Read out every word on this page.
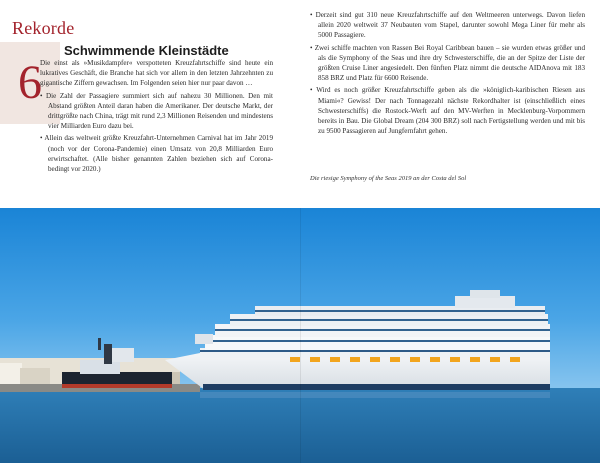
Rekorde
6
Schwimmende Kleinstädte

Die einst als »Musikdampfer« verspotteten Kreuzfahrtschiffe sind heute ein lukratives Geschäft, die Branche hat sich vor allem in den letzten Jahrzehnten zu gigantische Ziffern gewachsen. Im Folgenden seien hier nur paar davon …

• Die Zahl der Passagiere summiert sich auf nahezu 30 Millionen. Den mit Abstand größten Anteil daran haben die Amerikaner. Der deutsche Markt, der drittgrößte nach China, trägt mit rund 2,3 Millionen Reisenden und mindestens vier Milliarden Euro dazu bei.

• Allein das weltweit größte Kreuzfahrt-Unternehmen Carnival hat im Jahr 2019 (noch vor der Corona-Pandemie) einen Umsatz von 20,8 Milliarden Euro erwirtschaftet. (Alle bisher genannten Zahlen beziehen sich auf Corona-bedingt vor 2020.)

• Derzeit sind gut 310 neue Kreuzfahrtschiffe auf den Weltmeeren unterwegs. Davon liefen allein 2020 weltweit 37 Neubauten vom Stapel, darunter sowohl Mega Liner für mehr als 5000 Passagiere.

• Zwei schiffe machten von Rassen Bei Royal Caribbean bauen – sie wurden etwas größer und als die Symphony of the Seas und ihre dry Schwesterschiffe, die an der Spitze der Liste der größten Cruise Liner angesiedelt. Den fünften Platz nimmt die deutsche AIDAnova mit 183 858 BRZ und Platz für 6600 Reisende.

• Wird es noch größer Kreuzfahrtschiffe geben als die »königlich-karibischen Riesen aus Miami«? Gewiss! Der nach Tonnagezahl nächste Rekordhalter ist (einschließlich eines Schwesterschiffs) die Rostock-Werft auf den MV-Werften in Mecklenburg-Vorpommern bereits in Bau. Die Global Dream (204 300 BRZ) soll nach Fertigstellung werden und mit bis zu 9500 Passagieren auf Jungfernfahrt gehen.

Die riesige Symphony of the Seas 2019 an der Costa del Sol
